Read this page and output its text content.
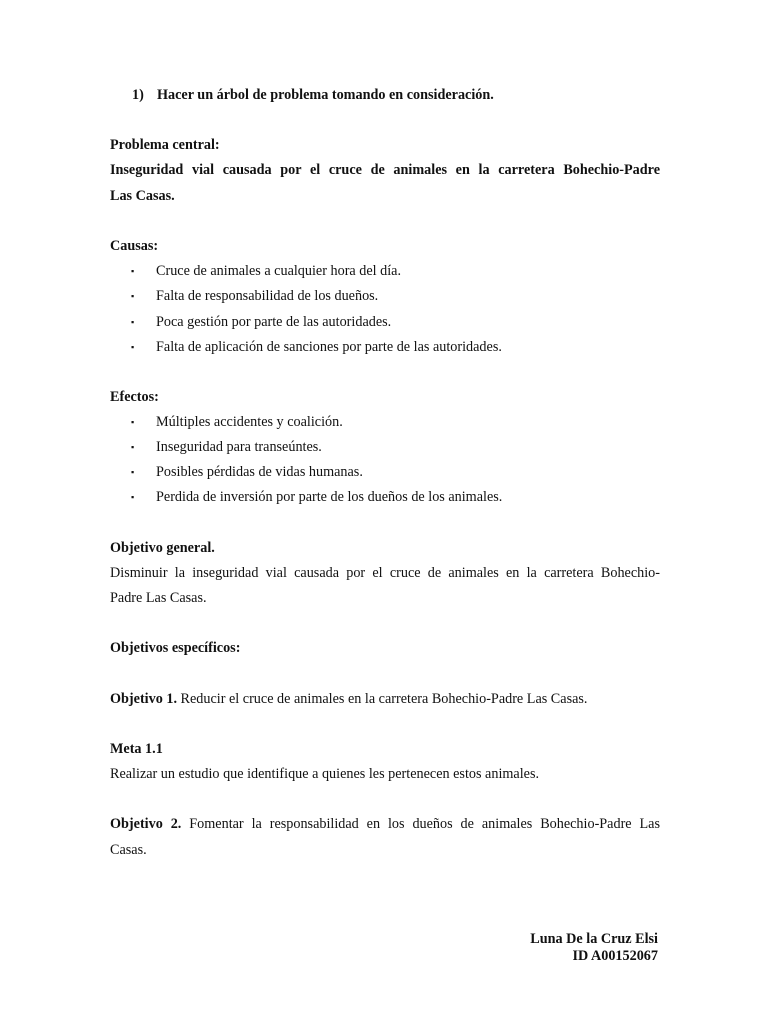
1) Hacer un árbol de problema tomando en consideración.
Problema central:
Inseguridad vial causada por el cruce de animales en la carretera Bohechio-Padre
Las Casas.
Causas:
▪ Cruce de animales a cualquier hora del día.
▪ Falta de responsabilidad de los dueños.
▪ Poca gestión por parte de las autoridades.
▪ Falta de aplicación de sanciones por parte de las autoridades.
Efectos:
▪ Múltiples accidentes y coalición.
▪ Inseguridad para transeúntes.
▪ Posibles pérdidas de vidas humanas.
▪ Perdida de inversión por parte de los dueños de los animales.
Objetivo general.
Disminuir la inseguridad vial causada por el cruce de animales en la carretera Bohechio-
Padre Las Casas.
Objetivos específicos:
Objetivo 1. Reducir el cruce de animales en la carretera Bohechio-Padre Las Casas.
Meta 1.1
Realizar un estudio que identifique a quienes les pertenecen estos animales.
Objetivo 2. Fomentar la responsabilidad en los dueños de animales Bohechio-Padre Las
Casas.
Luna De la Cruz Elsi
ID A00152067
